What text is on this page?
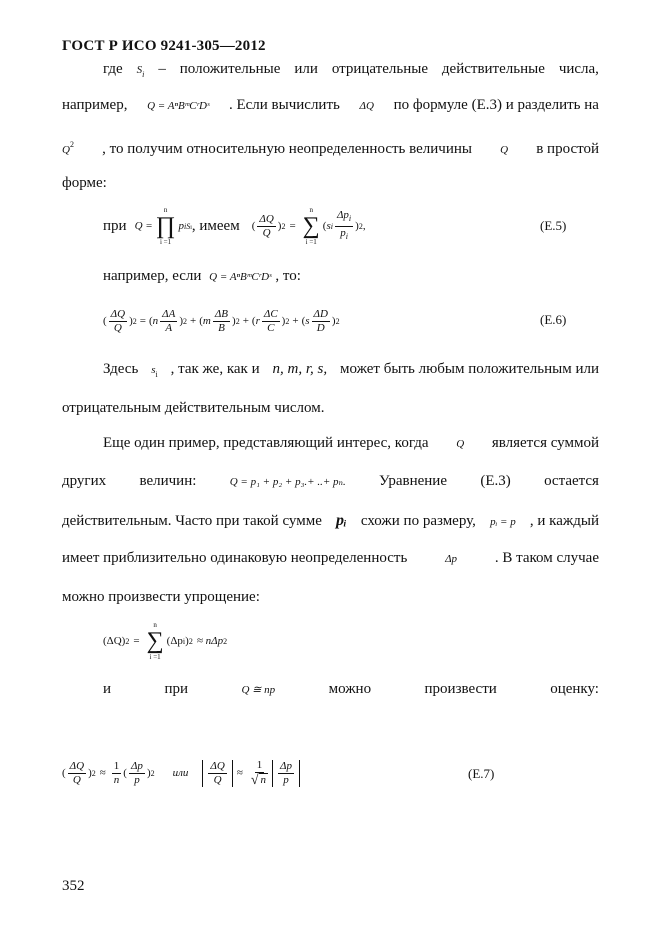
ГОСТ Р ИСО 9241-305—2012
где $S_i$ – положительные или отрицательные действительные числа,
например, Q = AⁿBᵐCʳDˢ . Если вычислить ΔQ по формуле (Е.3) и разделить на
$Q^2$ , то получим относительную неопределенность величины	Q в простой
форме:
при Q =
n
∏
i =1
p i Si , имеем ( $\frac{\Delta Q}{Q}$ ) 2 =
n
∑
i =1
( s i $\frac{\Delta p_i}{p_i}$ ) 2 ,	(Е.5)
например, если Q = AⁿBᵐCʳDˢ , то:
( $\frac{\Delta Q}{Q}$ ) 2 = ( n $\frac{\Delta A}{A}$ ) 2 + ( m $\frac{\Delta B}{B}$ ) 2 + ( r $\frac{\Delta C}{C}$ ) 2 + ( s $\frac{\Delta D}{D}$ ) 2	(Е.6)
Здесь $s_i$ , так же, как и n, m, r, s, может быть любым положительным или
отрицательным действительным числом.
Еще один пример, представляющий интерес, когда	Q является суммой
других величин:	Q = p₁ + p₂ + p₃.+ ..+ pₙ. Уравнение (Е.3) остается
действительным. Часто при такой сумме pᵢ схожи по размеру, pᵢ = p , и каждый
имеет приблизительно одинаковую неопределенность	Δp	. В таком случае
можно произвести упрощение:
(ΔQ) 2 =
n
∑
i =1
(Δp i ) 2 ≈ nΔp 2
и	при	Q ≅ np	можно	произвести	оценку:
( $\frac{\Delta Q}{Q}$ ) $2 \approx \frac{1}{n}$ ( $\frac{\Delta p}{p}$ ) 2 или $\frac{\Delta Q}{Q} \approx \frac{1}{√ n} \frac{\Delta p}{p}$	(Е.7)
352
